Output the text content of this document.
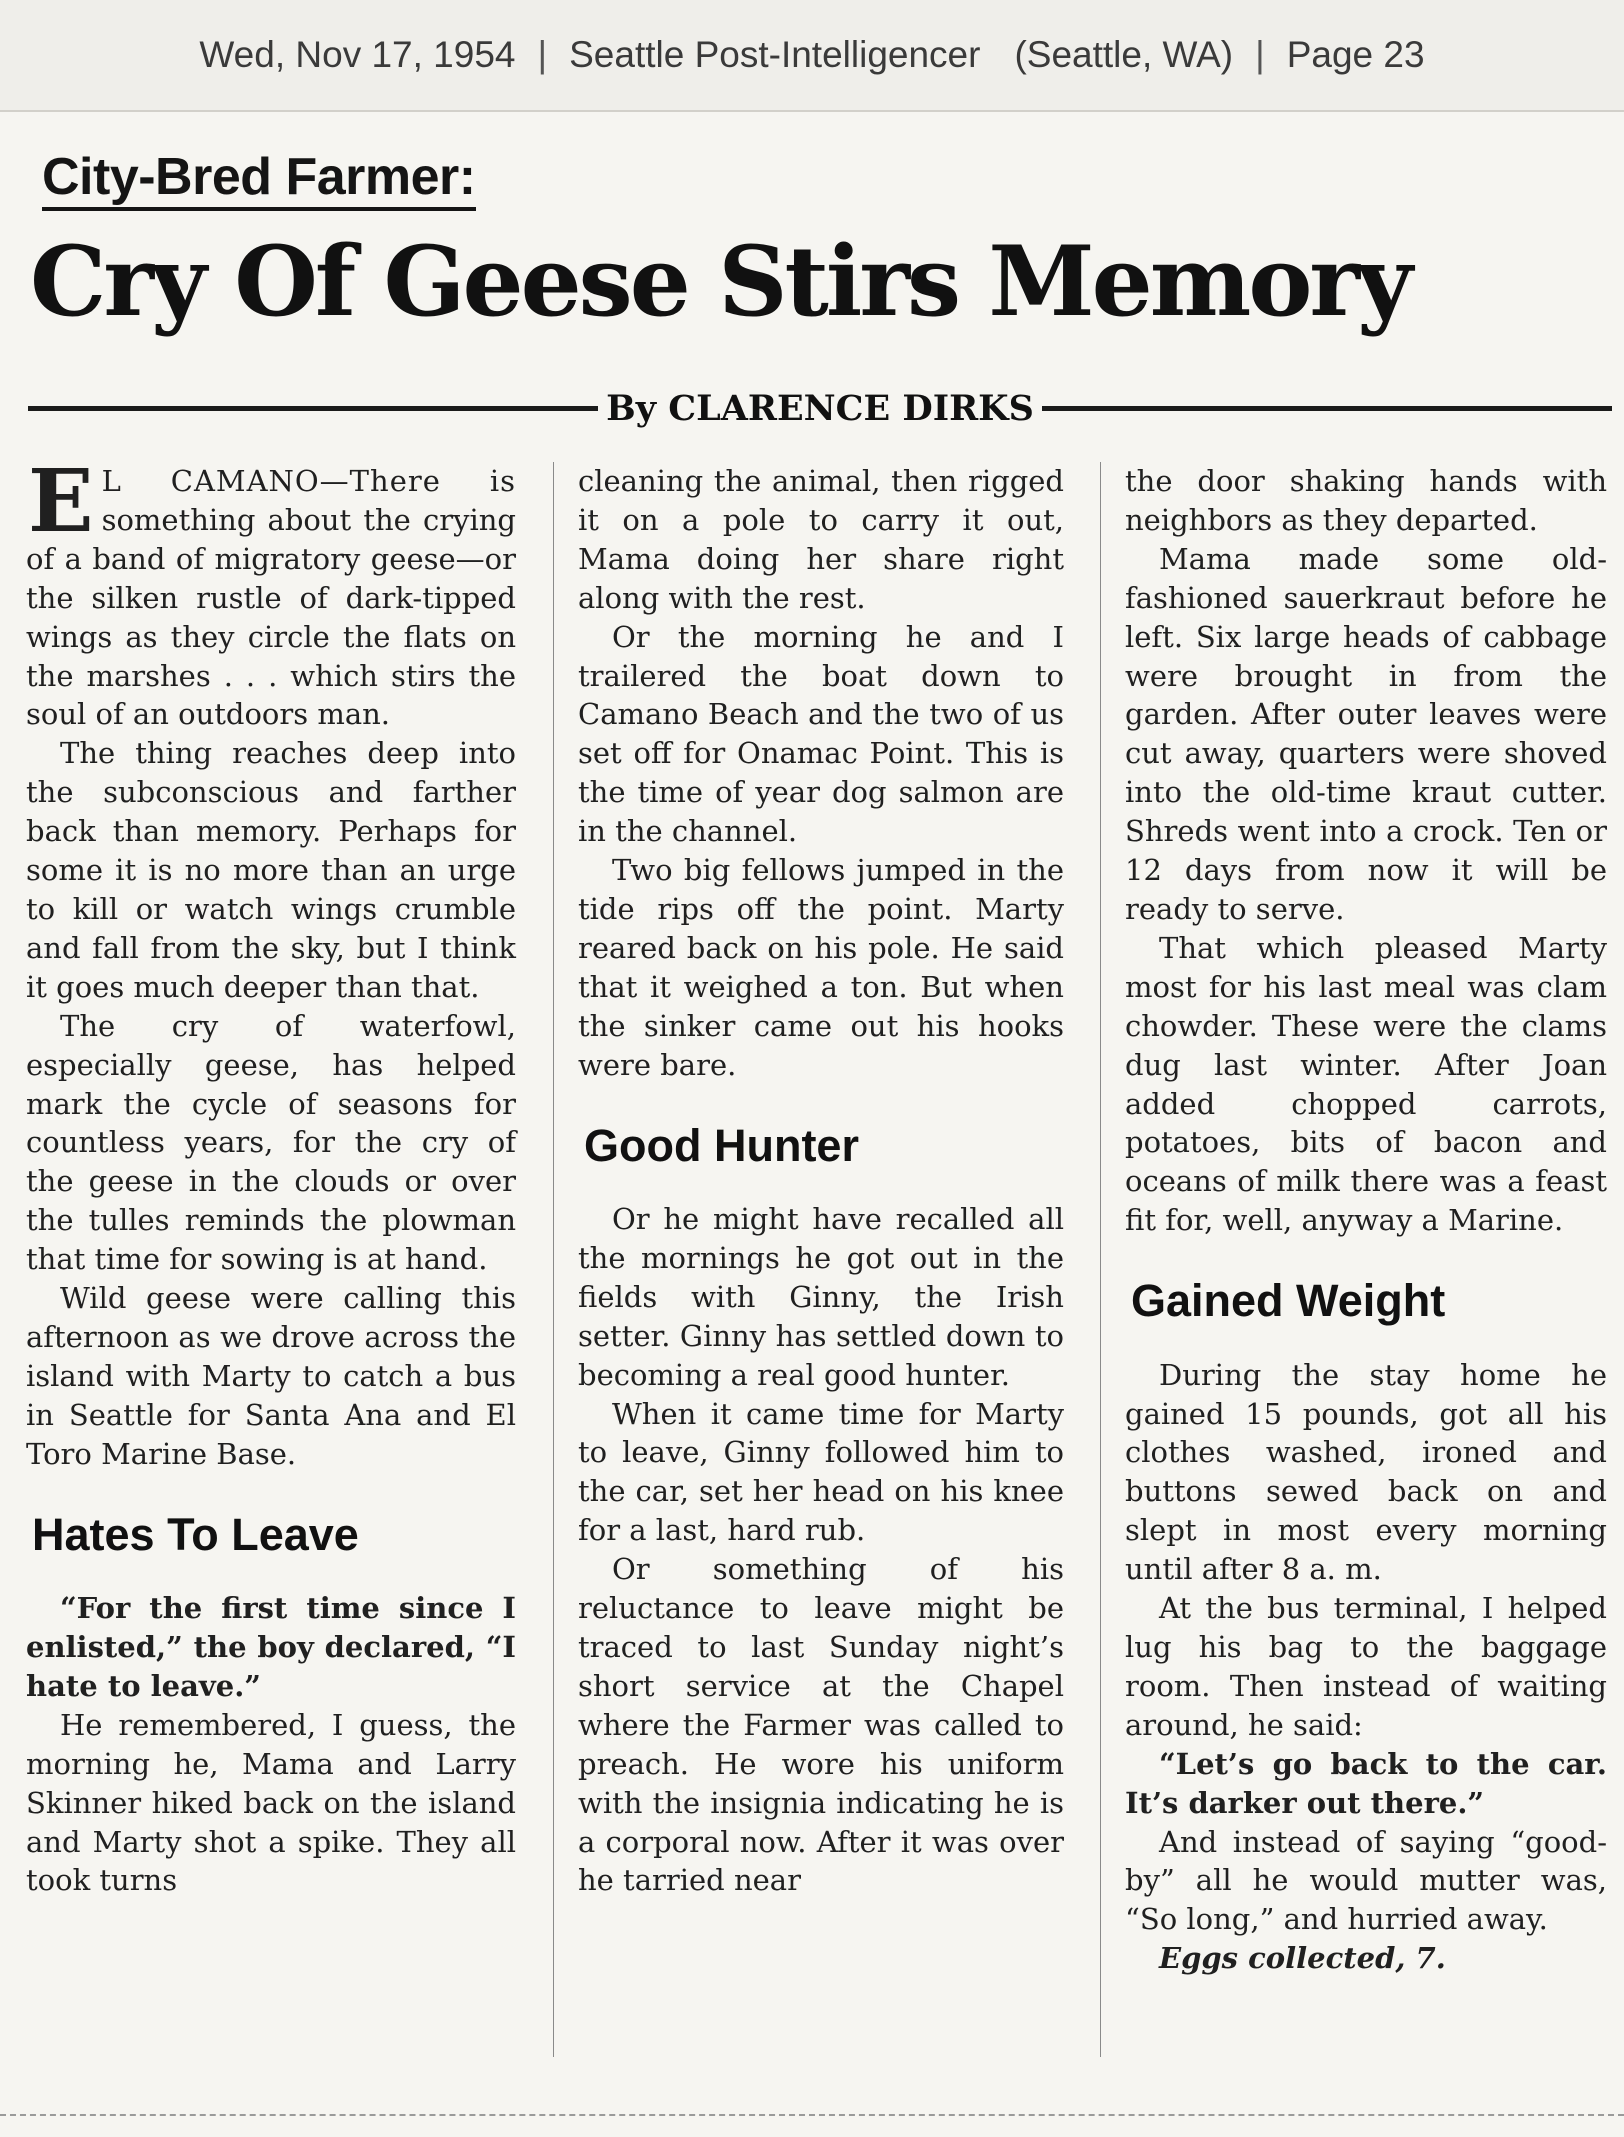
Wed, Nov 17, 1954 | Seattle Post-Intelligencer (Seattle, WA) | Page 23
City-Bred Farmer:
Cry Of Geese Stirs Memory
By CLARENCE DIRKS

E L CAMANO—There is something about the crying of a band of migratory geese—or the silken rustle of dark-tipped wings as they circle the flats on the marshes . . . which stirs the soul of an outdoors man.

The thing reaches deep into the subconscious and farther back than memory. Perhaps for some it is no more than an urge to kill or watch wings crumble and fall from the sky, but I think it goes much deeper than that.

The cry of waterfowl, especially geese, has helped mark the cycle of seasons for countless years, for the cry of the geese in the clouds or over the tulles reminds the plowman that time for sowing is at hand.

Wild geese were calling this afternoon as we drove across the island with Marty to catch a bus in Seattle for Santa Ana and El Toro Marine Base.

Hates To Leave

“For the first time since I enlisted,” the boy declared, “I hate to leave.”

He remembered, I guess, the morning he, Mama and Larry Skinner hiked back on the island and Marty shot a spike. They all took turns

cleaning the animal, then rigged it on a pole to carry it out, Mama doing her share right along with the rest.

Or the morning he and I trailered the boat down to Camano Beach and the two of us set off for Onamac Point. This is the time of year dog salmon are in the channel.

Two big fellows jumped in the tide rips off the point. Marty reared back on his pole. He said that it weighed a ton. But when the sinker came out his hooks were bare.

Good Hunter

Or he might have recalled all the mornings he got out in the fields with Ginny, the Irish setter. Ginny has settled down to becoming a real good hunter.

When it came time for Marty to leave, Ginny followed him to the car, set her head on his knee for a last, hard rub.

Or something of his reluctance to leave might be traced to last Sunday night’s short service at the Chapel where the Farmer was called to preach. He wore his uniform with the insignia indicating he is a corporal now. After it was over he tarried near

the door shaking hands with neighbors as they departed.

Mama made some old-fashioned sauerkraut before he left. Six large heads of cabbage were brought in from the garden. After outer leaves were cut away, quarters were shoved into the old-time kraut cutter. Shreds went into a crock. Ten or 12 days from now it will be ready to serve.

That which pleased Marty most for his last meal was clam chowder. These were the clams dug last winter. After Joan added chopped carrots, potatoes, bits of bacon and oceans of milk there was a feast fit for, well, anyway a Marine.

Gained Weight

During the stay home he gained 15 pounds, got all his clothes washed, ironed and buttons sewed back on and slept in most every morning until after 8 a. m.

At the bus terminal, I helped lug his bag to the baggage room. Then instead of waiting around, he said:

“Let’s go back to the car. It’s darker out there.”

And instead of saying “good-by” all he would mutter was, “So long,” and hurried away.

Eggs collected, 7.
